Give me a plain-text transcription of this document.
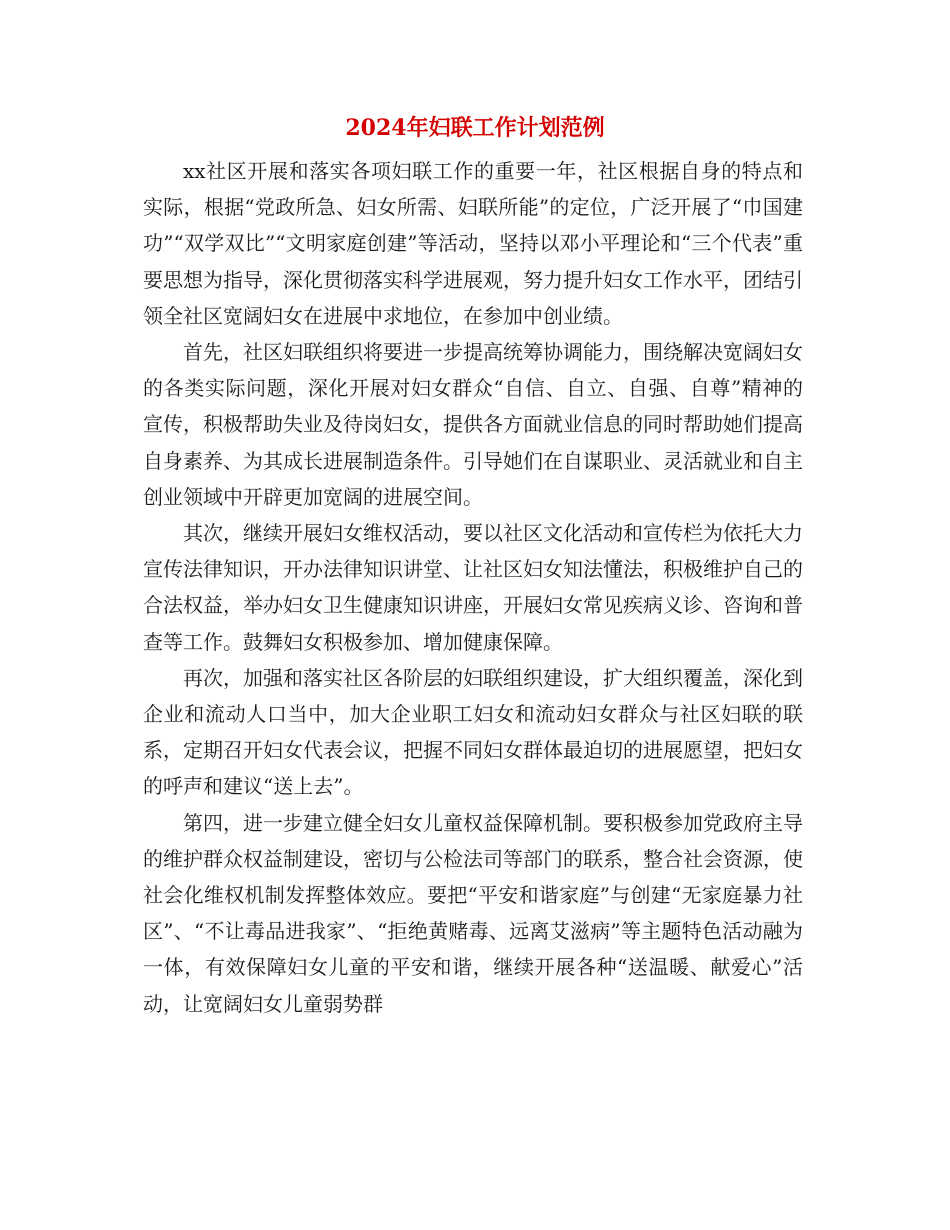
2024年妇联工作计划范例

xx社区开展和落实各项妇联工作的重要一年，社区根据自身的特点和实际，根据“党政所急、妇女所需、妇联所能”的定位，广泛开展了“巾国建功”“双学双比”“文明家庭创建”等活动，坚持以邓小平理论和“三个代表”重要思想为指导，深化贯彻落实科学进展观，努力提升妇女工作水平，团结引领全社区宽阔妇女在进展中求地位，在参加中创业绩。

首先，社区妇联组织将要进一步提高统筹协调能力，围绕解决宽阔妇女的各类实际问题，深化开展对妇女群众“自信、自立、自强、自尊”精神的宣传，积极帮助失业及待岗妇女，提供各方面就业信息的同时帮助她们提高自身素养、为其成长进展制造条件。引导她们在自谋职业、灵活就业和自主创业领域中开辟更加宽阔的进展空间。

其次，继续开展妇女维权活动，要以社区文化活动和宣传栏为依托大力宣传法律知识，开办法律知识讲堂、让社区妇女知法懂法，积极维护自己的合法权益，举办妇女卫生健康知识讲座，开展妇女常见疾病义诊、咨询和普查等工作。鼓舞妇女积极参加、增加健康保障。

再次，加强和落实社区各阶层的妇联组织建设，扩大组织覆盖，深化到企业和流动人口当中，加大企业职工妇女和流动妇女群众与社区妇联的联系，定期召开妇女代表会议，把握不同妇女群体最迫切的进展愿望，把妇女的呼声和建议“送上去”。

第四，进一步建立健全妇女儿童权益保障机制。要积极参加党政府主导的维护群众权益制建设，密切与公检法司等部门的联系，整合社会资源，使社会化维权机制发挥整体效应。要把“平安和谐家庭”与创建“无家庭暴力社区”、“不让毒品进我家”、“拒绝黄赌毒、远离艾滋病”等主题特色活动融为一体，有效保障妇女儿童的平安和谐，继续开展各种“送温暖、献爱心”活动，让宽阔妇女儿童弱势群
